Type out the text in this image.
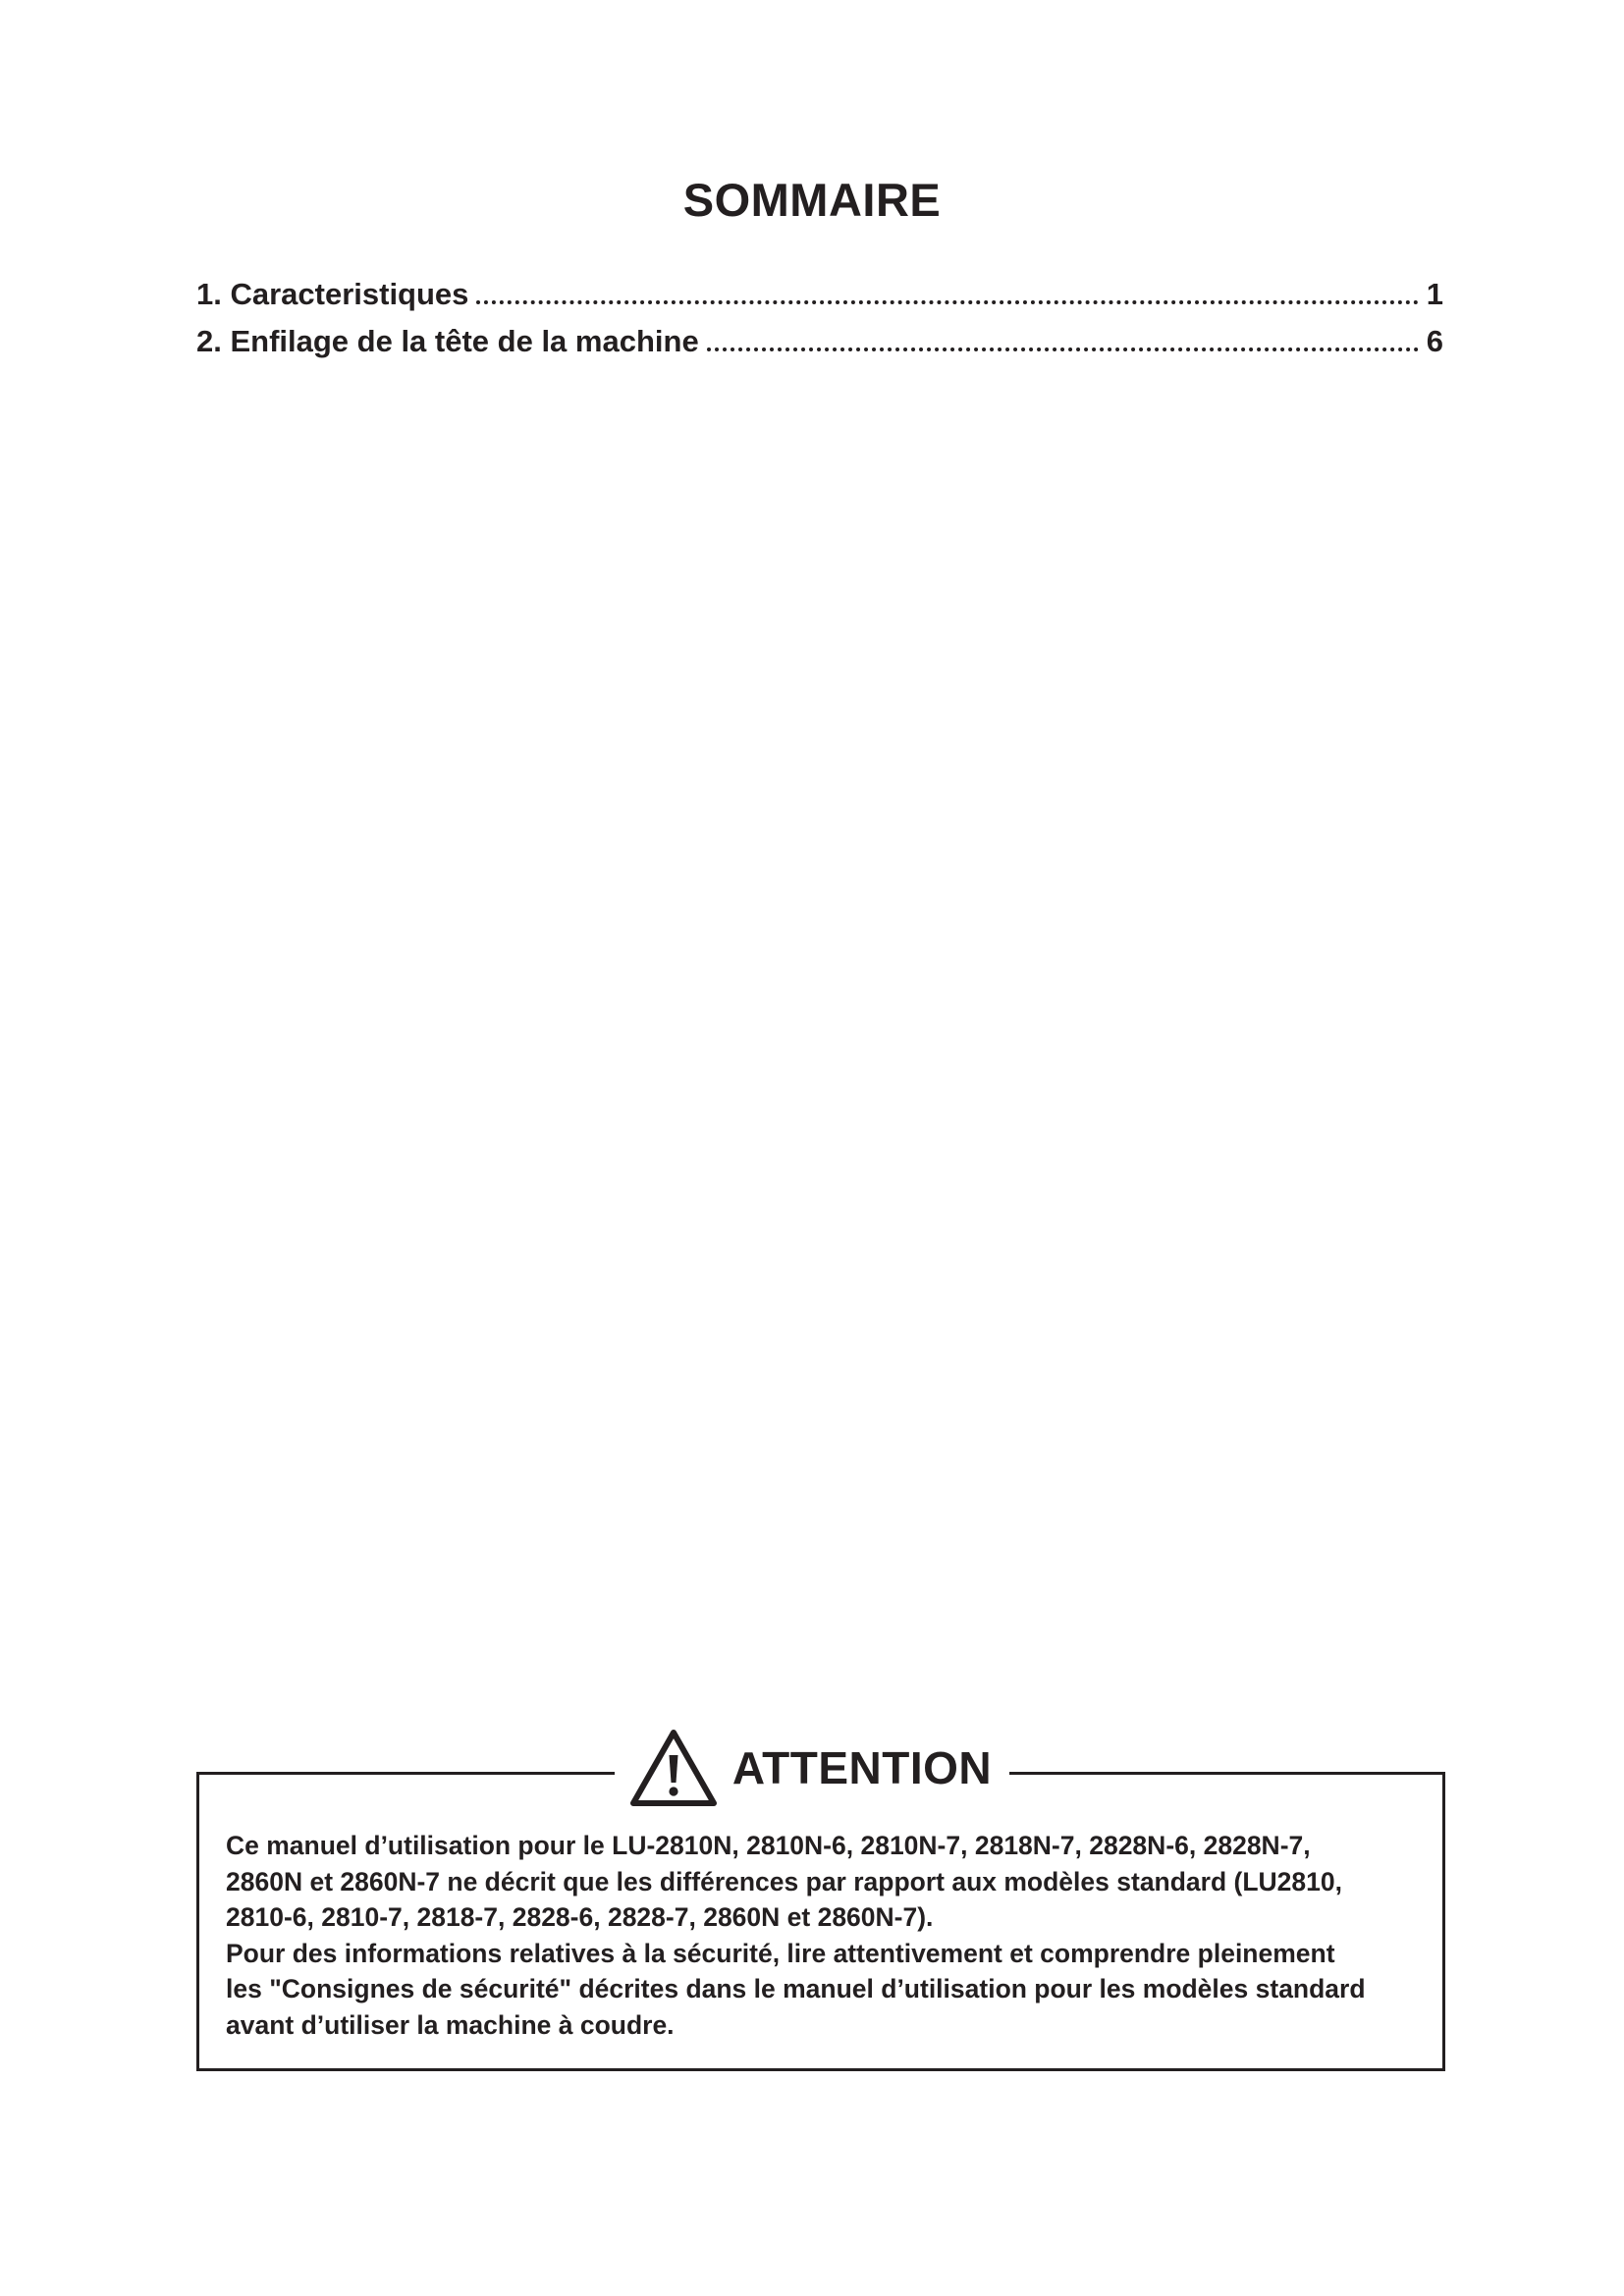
SOMMAIRE
1. Caracteristiques	1
2. Enfilage de la tête de la machine	6
ATTENTION

Ce manuel d’utilisation pour le LU-2810N, 2810N-6, 2810N-7, 2818N-7, 2828N-6, 2828N-7,

2860N et 2860N-7 ne décrit que les différences par rapport aux modèles standard (LU2810,

2810-6, 2810-7, 2818-7, 2828-6, 2828-7, 2860N et 2860N-7).

Pour des informations relatives à la sécurité, lire attentivement et comprendre pleinement

les "Consignes de sécurité" décrites dans le manuel d’utilisation pour les modèles standard

avant d’utiliser la machine à coudre.
